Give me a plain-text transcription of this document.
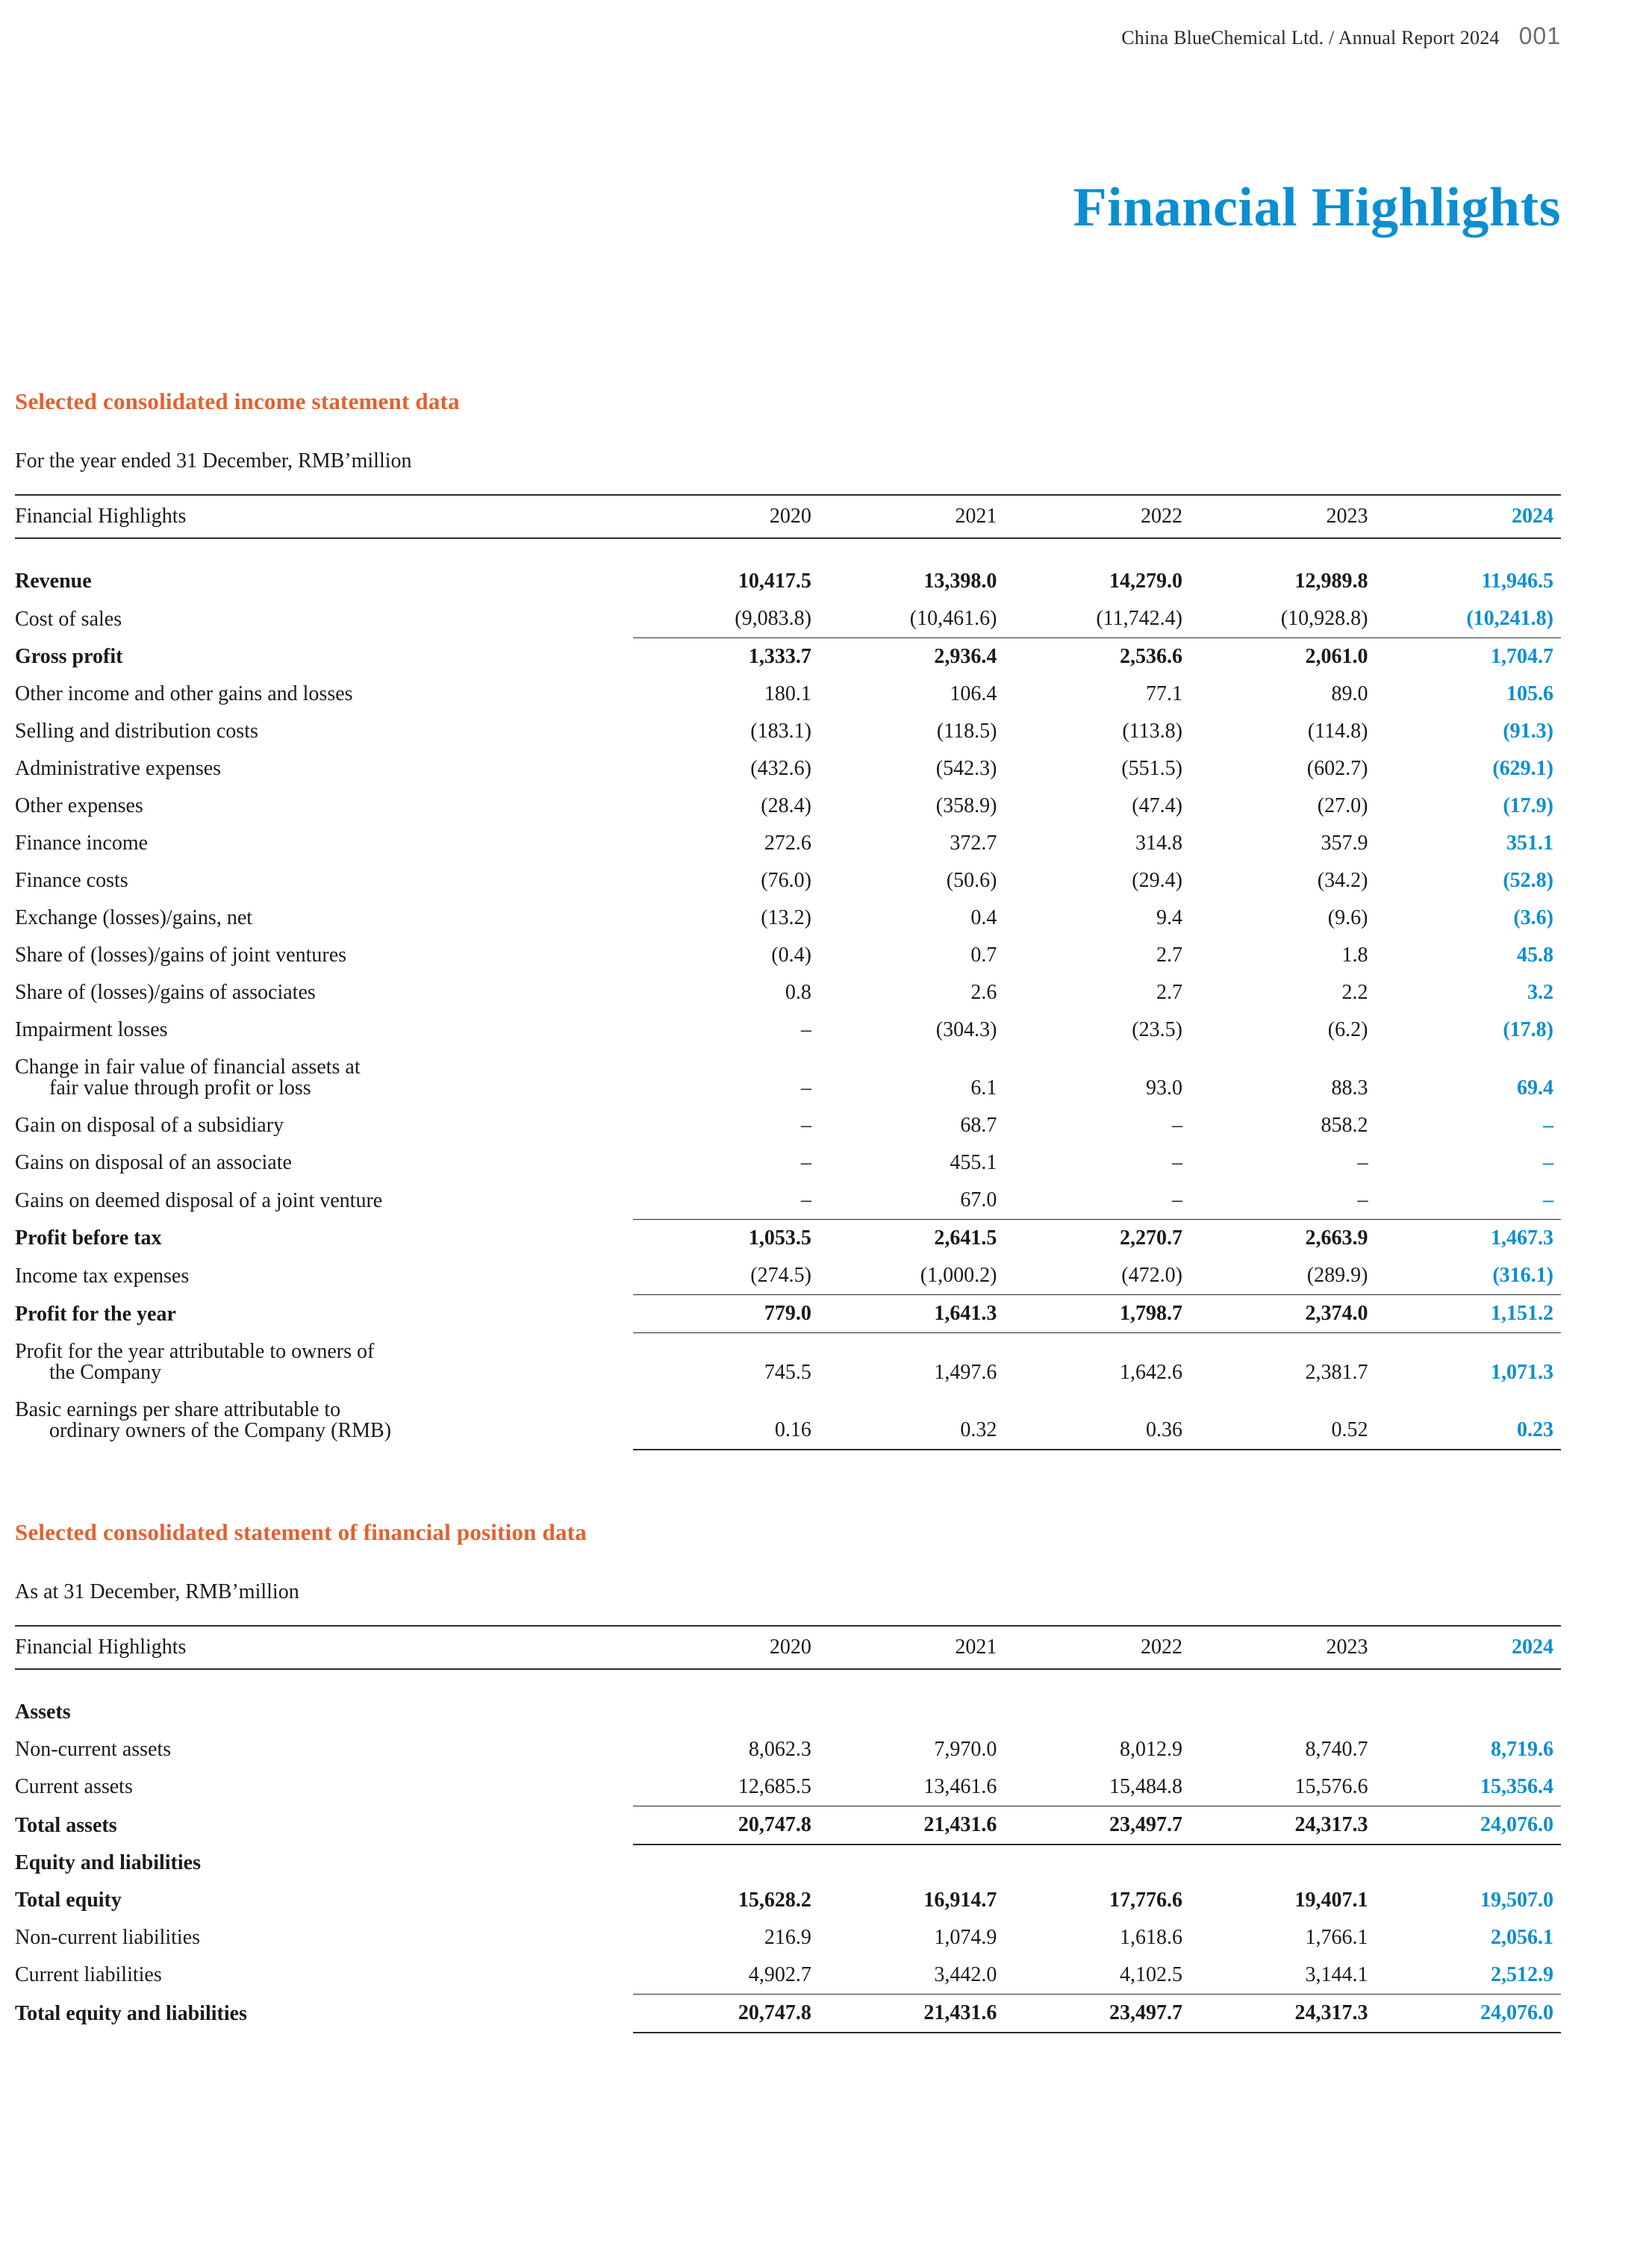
China BlueChemical Ltd. / Annual Report 2024 001
Financial Highlights
Selected consolidated income statement data

For the year ended 31 December, RMB’million

Financial Highlights	2020	2021	2022	2023	2024

Revenue	10,417.5	13,398.0	14,279.0	12,989.8	11,946.5
Cost of sales	(9,083.8)	(10,461.6)	(11,742.4)	(10,928.8)	(10,241.8)
Gross profit	1,333.7	2,936.4	2,536.6	2,061.0	1,704.7
Other income and other gains and losses	180.1	106.4	77.1	89.0	105.6
Selling and distribution costs	(183.1)	(118.5)	(113.8)	(114.8)	(91.3)
Administrative expenses	(432.6)	(542.3)	(551.5)	(602.7)	(629.1)
Other expenses	(28.4)	(358.9)	(47.4)	(27.0)	(17.9)
Finance income	272.6	372.7	314.8	357.9	351.1
Finance costs	(76.0)	(50.6)	(29.4)	(34.2)	(52.8)
Exchange (losses)/gains, net	(13.2)	0.4	9.4	(9.6)	(3.6)
Share of (losses)/gains of joint ventures	(0.4)	0.7	2.7	1.8	45.8
Share of (losses)/gains of associates	0.8	2.6	2.7	2.2	3.2
Impairment losses	–	(304.3)	(23.5)	(6.2)	(17.8)

Change in fair value of financial assets at
fair value through profit or loss	–	6.1	93.0	88.3	69.4
Gain on disposal of a subsidiary	–	68.7	–	858.2	–
Gains on disposal of an associate	–	455.1	–	–	–
Gains on deemed disposal of a joint venture	–	67.0	–	–	–
Profit before tax	1,053.5	2,641.5	2,270.7	2,663.9	1,467.3
Income tax expenses	(274.5)	(1,000.2)	(472.0)	(289.9)	(316.1)
Profit for the year	779.0	1,641.3	1,798.7	2,374.0	1,151.2

Profit for the year attributable to owners of
the Company	745.5	1,497.6	1,642.6	2,381.7	1,071.3

Basic earnings per share attributable to
ordinary owners of the Company (RMB)	0.16	0.32	0.36	0.52	0.23
Selected consolidated statement of financial position data

As at 31 December, RMB’million

Financial Highlights	2020	2021	2022	2023	2024

Assets					
Non-current assets	8,062.3	7,970.0	8,012.9	8,740.7	8,719.6
Current assets	12,685.5	13,461.6	15,484.8	15,576.6	15,356.4
Total assets	20,747.8	21,431.6	23,497.7	24,317.3	24,076.0
Equity and liabilities					
Total equity	15,628.2	16,914.7	17,776.6	19,407.1	19,507.0
Non-current liabilities	216.9	1,074.9	1,618.6	1,766.1	2,056.1
Current liabilities	4,902.7	3,442.0	4,102.5	3,144.1	2,512.9
Total equity and liabilities	20,747.8	21,431.6	23,497.7	24,317.3	24,076.0
